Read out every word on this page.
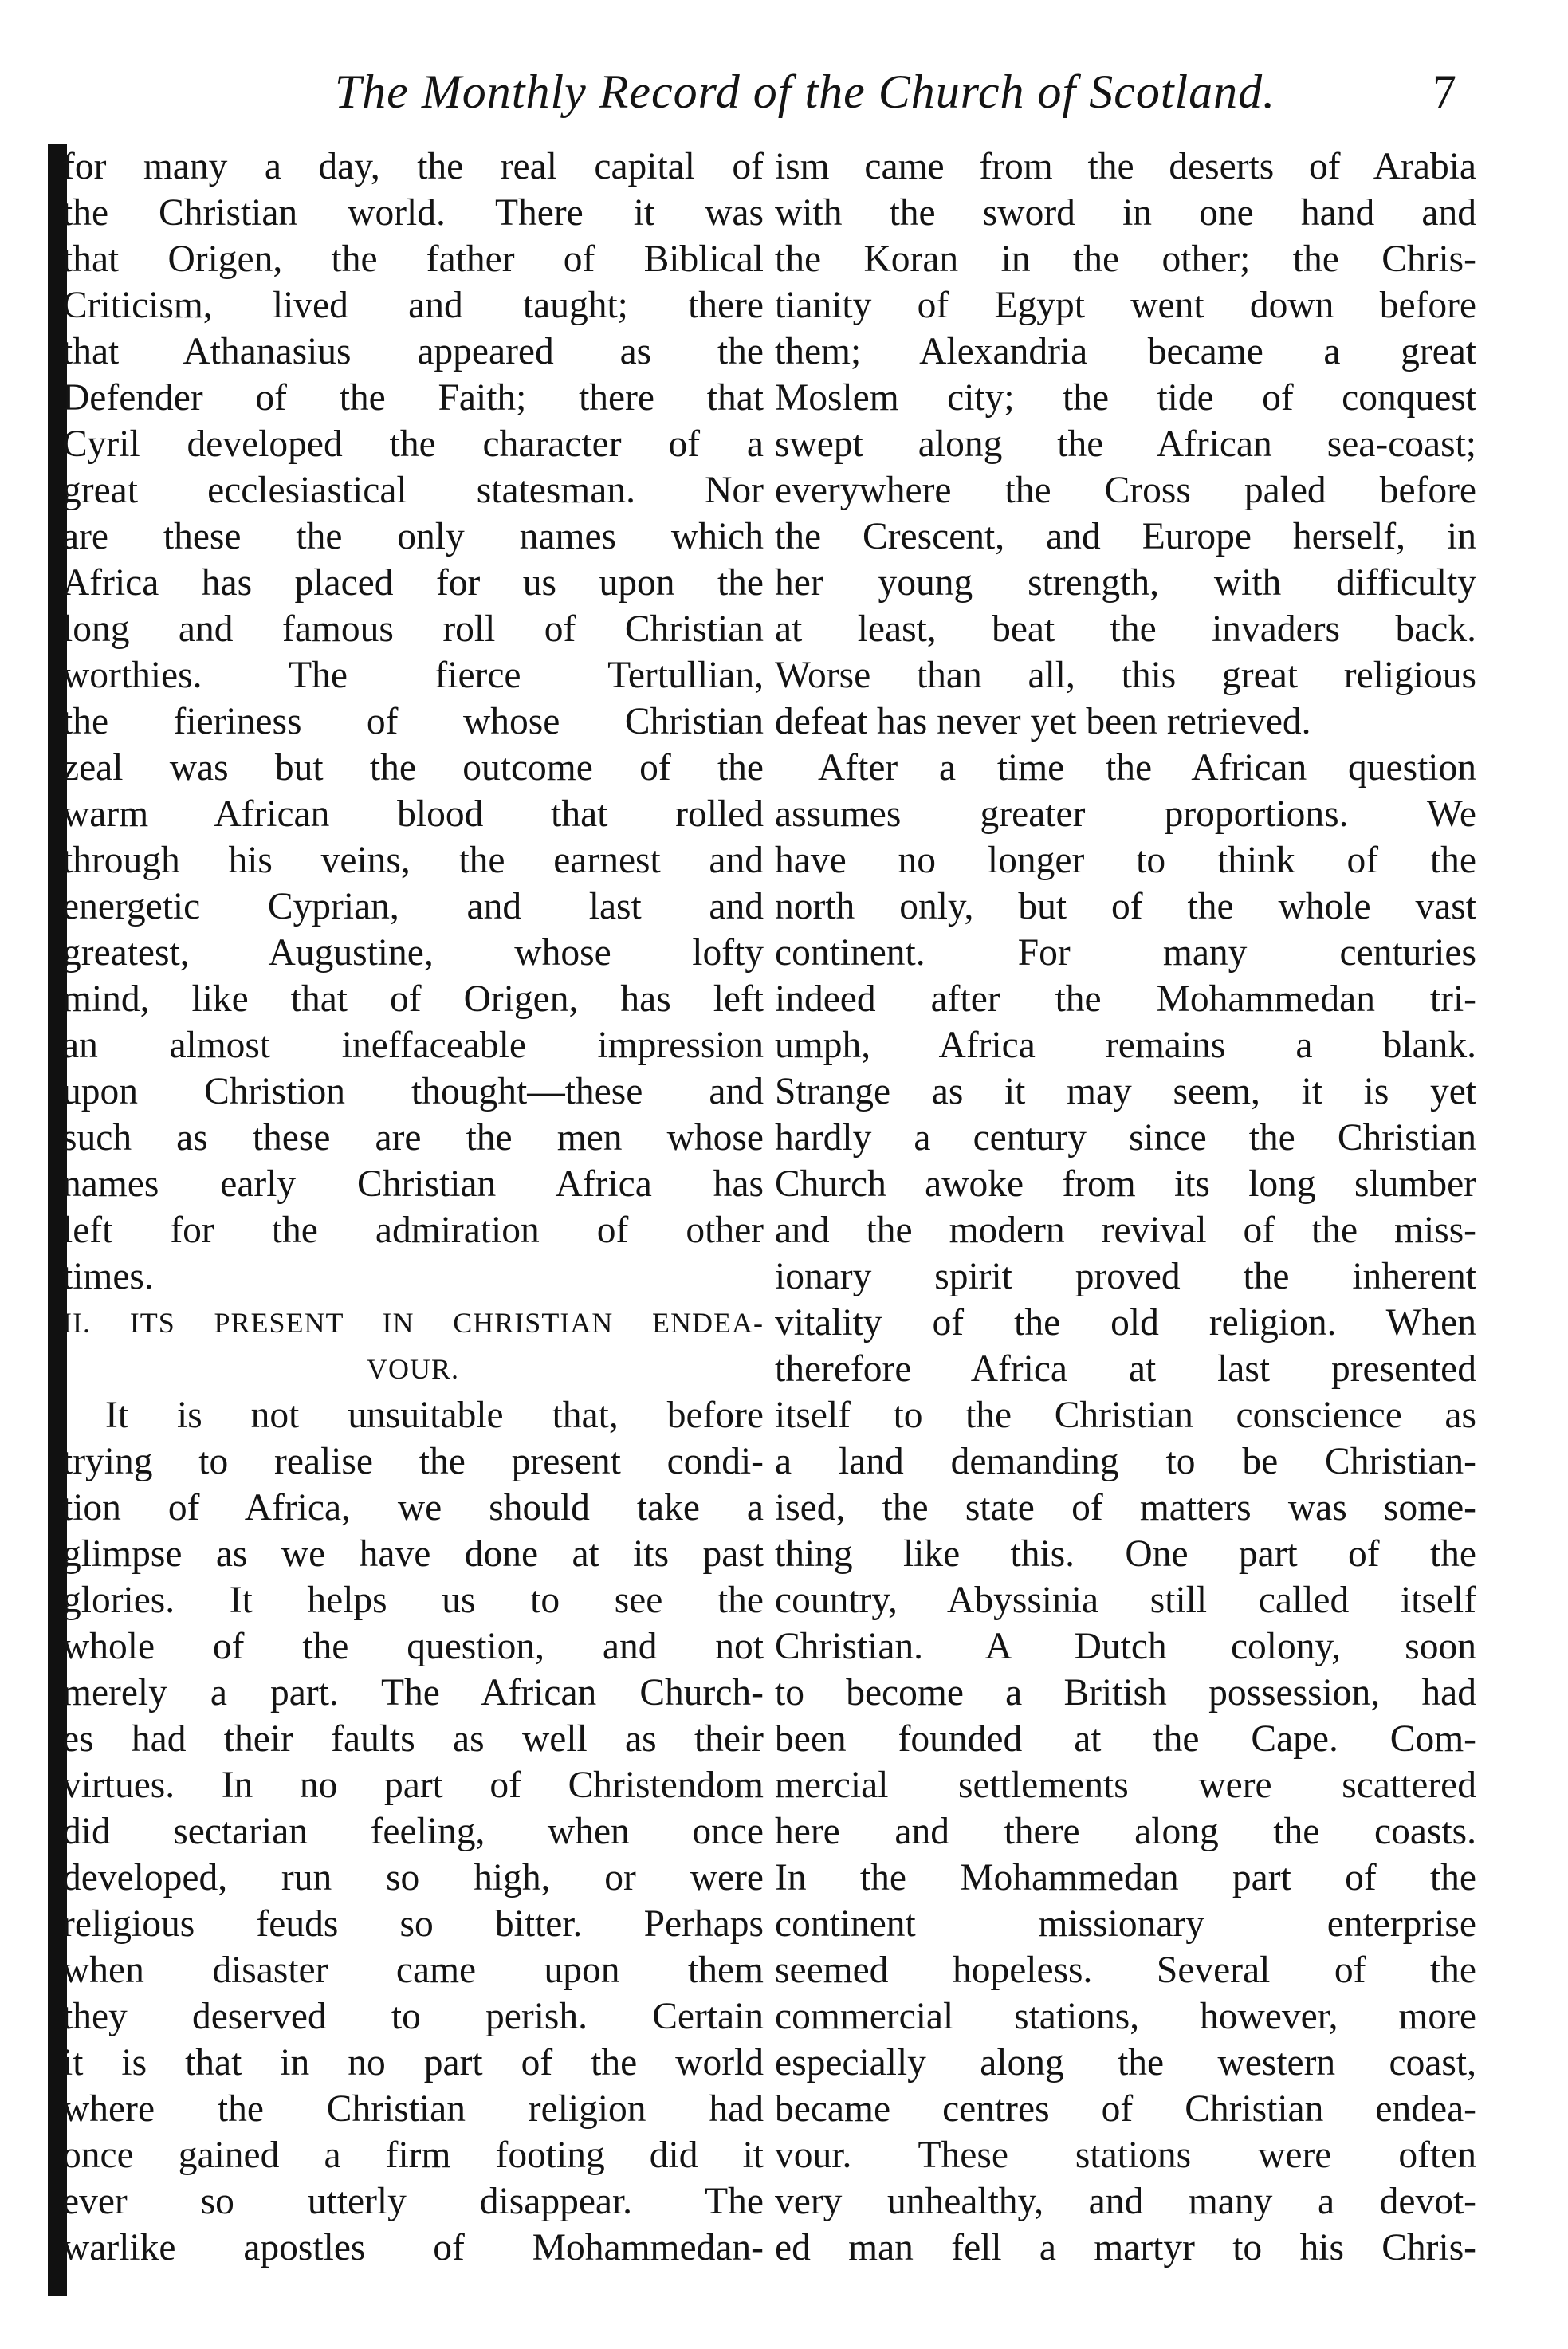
The Monthly Record of the Church of Scotland.	7
for many a day, the real capital of
the Christian world. There it was
that Origen, the father of Biblical
Criticism, lived and taught; there
that Athanasius appeared as the
Defender of the Faith; there that
Cyril developed the character of a
great ecclesiastical statesman. Nor
are these the only names which
Africa has placed for us upon the
long and famous roll of Christian
worthies. The fierce Tertullian,
the fieriness of whose Christian
zeal was but the outcome of the
warm African blood that rolled
through his veins, the earnest and
energetic Cyprian, and last and
greatest, Augustine, whose lofty
mind, like that of Origen, has left
an almost ineffaceable impression
upon Christion thought—these and
such as these are the men whose
names early Christian Africa has
left for the admiration of other
times.
II. ITS PRESENT IN CHRISTIAN ENDEA-
VOUR.
It is not unsuitable that, before
trying to realise the present condi-
tion of Africa, we should take a
glimpse as we have done at its past
glories. It helps us to see the
whole of the question, and not
merely a part. The African Church-
es had their faults as well as their
virtues. In no part of Christendom
did sectarian feeling, when once
developed, run so high, or were
religious feuds so bitter. Perhaps
when disaster came upon them
they deserved to perish. Certain
it is that in no part of the world
where the Christian religion had
once gained a firm footing did it
ever so utterly disappear. The
warlike apostles of Mohammedan-
ism came from the deserts of Arabia
with the sword in one hand and
the Koran in the other; the Chris-
tianity of Egypt went down before
them; Alexandria became a great
Moslem city; the tide of conquest
swept along the African sea-coast;
everywhere the Cross paled before
the Crescent, and Europe herself, in
her young strength, with difficulty
at least, beat the invaders back.
Worse than all, this great religious
defeat has never yet been retrieved.
After a time the African question
assumes greater proportions. We
have no longer to think of the
north only, but of the whole vast
continent. For many centuries
indeed after the Mohammedan tri-
umph, Africa remains a blank.
Strange as it may seem, it is yet
hardly a century since the Christian
Church awoke from its long slumber
and the modern revival of the miss-
ionary spirit proved the inherent
vitality of the old religion. When
therefore Africa at last presented
itself to the Christian conscience as
a land demanding to be Christian-
ised, the state of matters was some-
thing like this. One part of the
country, Abyssinia still called itself
Christian. A Dutch colony, soon
to become a British possession, had
been founded at the Cape. Com-
mercial settlements were scattered
here and there along the coasts.
In the Mohammedan part of the
continent missionary enterprise
seemed hopeless. Several of the
commercial stations, however, more
especially along the western coast,
became centres of Christian endea-
vour. These stations were often
very unhealthy, and many a devot-
ed man fell a martyr to his Chris-
